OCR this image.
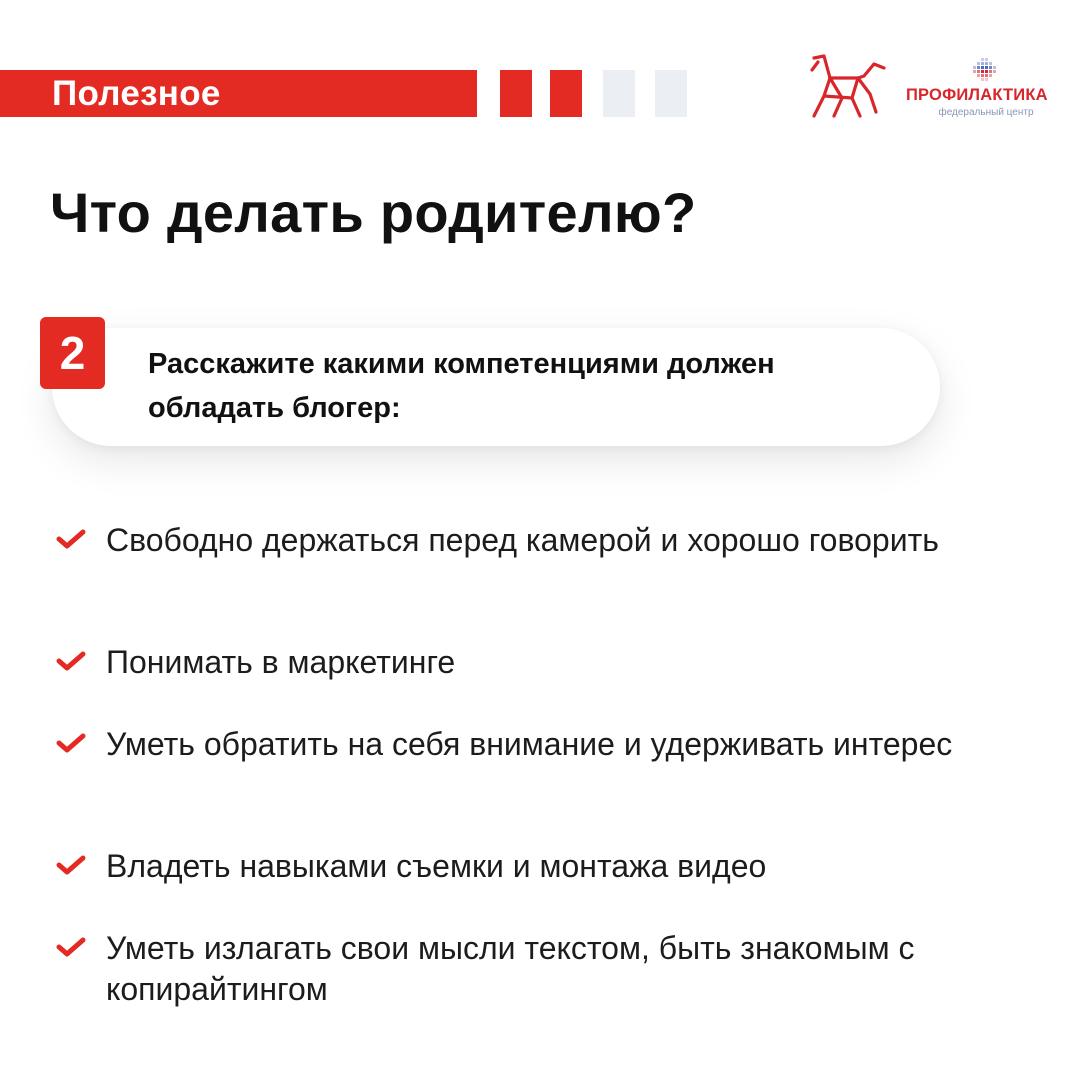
Полезное	ПРОФИЛАКТИКА
федеральный центр
Что делать родителю?
2	Расскажите какими компетенциями должен обладать блогер:
Свободно держаться перед камерой и хорошо говорить
Понимать в маркетинге
Уметь обратить на себя внимание и удерживать интерес
Владеть навыками съемки и монтажа видео
Уметь излагать свои мысли текстом, быть знакомым с копирайтингом
